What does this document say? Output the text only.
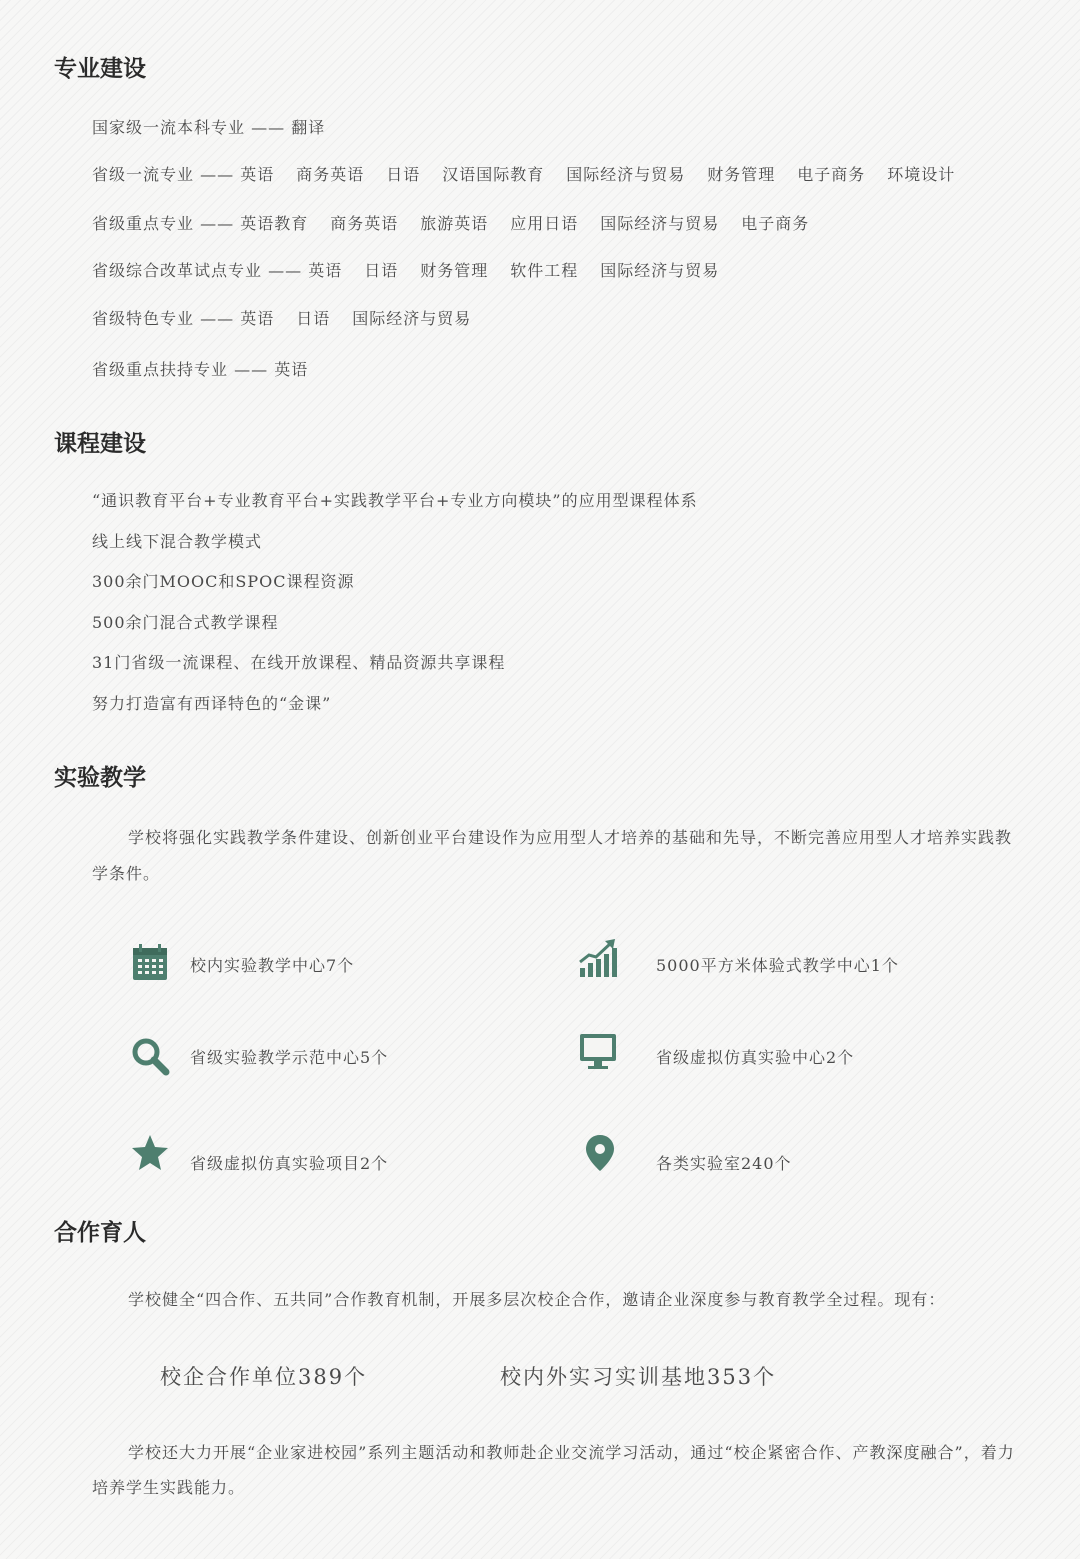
专业建设
国家级一流本科专业 —— 翻译
省级一流专业 —— 英语 商务英语 日语 汉语国际教育 国际经济与贸易 财务管理 电子商务 环境设计
省级重点专业 —— 英语教育 商务英语 旅游英语 应用日语 国际经济与贸易 电子商务
省级综合改革试点专业 —— 英语 日语 财务管理 软件工程 国际经济与贸易
省级特色专业 —— 英语 日语 国际经济与贸易
省级重点扶持专业 —— 英语
课程建设
“通识教育平台+专业教育平台+实践教学平台+专业方向模块”的应用型课程体系
线上线下混合教学模式
300余门MOOC和SPOC课程资源
500余门混合式教学课程
31门省级一流课程、在线开放课程、精品资源共享课程
努力打造富有西译特色的“金课”
实验教学
学校将强化实践教学条件建设、创新创业平台建设作为应用型人才培养的基础和先导，不断完善应用型人才培养实践教学条件。
校内实验教学中心7个	5000平方米体验式教学中心1个
省级实验教学示范中心5个	省级虚拟仿真实验中心2个
省级虚拟仿真实验项目2个	各类实验室240个
合作育人
学校健全“四合作、五共同”合作教育机制，开展多层次校企合作，邀请企业深度参与教育教学全过程。现有：
校企合作单位389个	校内外实习实训基地353个
学校还大力开展“企业家进校园”系列主题活动和教师赴企业交流学习活动，通过“校企紧密合作、产教深度融合”，着力培养学生实践能力。
